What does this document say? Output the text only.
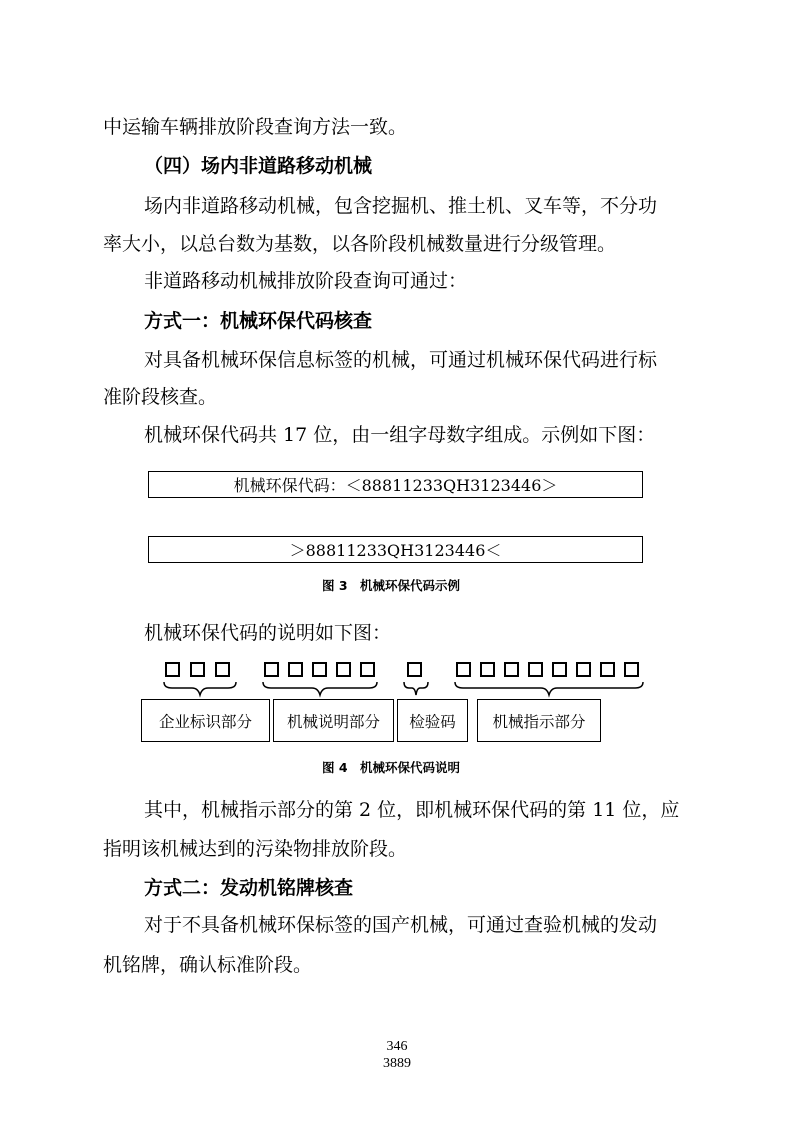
中运输车辆排放阶段查询方法一致。
（四）场内非道路移动机械
场内非道路移动机械，包含挖掘机、推土机、叉车等，不分功
率大小，以总台数为基数，以各阶段机械数量进行分级管理。
非道路移动机械排放阶段查询可通过：
方式一：机械环保代码核查
对具备机械环保信息标签的机械，可通过机械环保代码进行标
准阶段核查。
机械环保代码共 17 位，由一组字母数字组成。示例如下图：
机械环保代码：＜88811233QH3123446＞
＞88811233QH3123446＜
图 3　机械环保代码示例
机械环保代码的说明如下图：
企业标识部分 机械说明部分 检验码 机械指示部分
图 4　机械环保代码说明
其中，机械指示部分的第 2 位，即机械环保代码的第 11 位，应
指明该机械达到的污染物排放阶段。
方式二：发动机铭牌核查
对于不具备机械环保标签的国产机械，可通过查验机械的发动
机铭牌，确认标准阶段。
346
3889
